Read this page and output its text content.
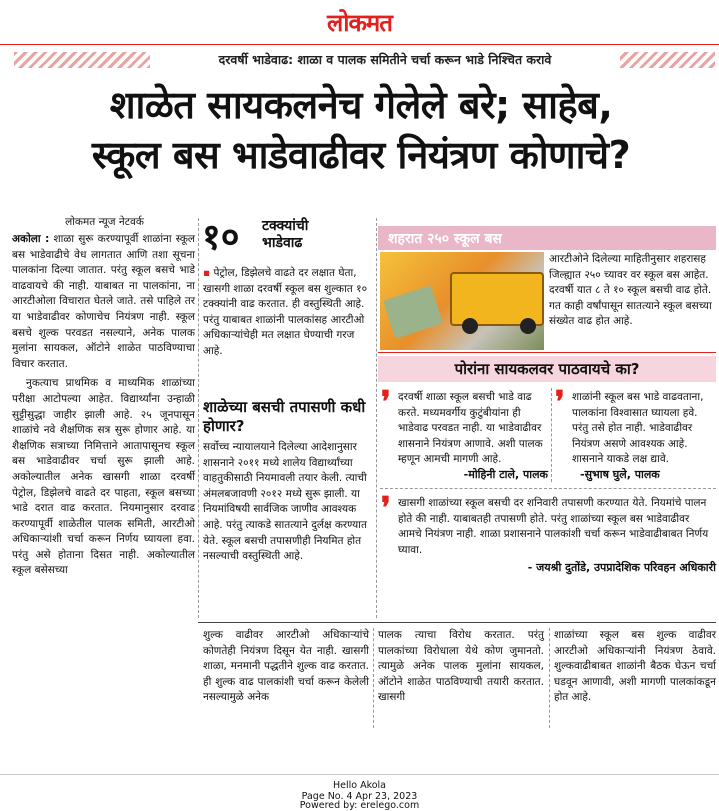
लोकमत
दरवर्षी भाडेवाढ: शाळा व पालक समितीने चर्चा करून भाडे निश्चित करावे
शाळेत सायकलनेच गेलेले बरे; साहेब,
स्कूल बस भाडेवाढीवर नियंत्रण कोणाचे?
लोकमत न्यूज नेटवर्क

अकोला : शाळा सुरू करण्यापूर्वी शाळांना स्कूल बस भाडेवाढीचे वेध लागतात आणि तशा सूचना पालकांना दिल्या जातात. परंतु स्कूल बसचे भाडे वाढवायचे की नाही. याबाबत ना पालकांना, ना आरटीओला विचारात घेतले जाते. तसे पाहिले तर या भाडेवाढीवर कोणाचेच नियंत्रण नाही. स्कूल बसचे शुल्क परवडत नसल्याने, अनेक पालक मुलांना सायकल, ऑटोने शाळेत पाठविण्याचा विचार करतात.

नुकत्याच प्राथमिक व माध्यमिक शाळांच्या परीक्षा आटोपल्या आहेत. विद्यार्थ्यांना उन्हाळी सुट्टीसुद्धा जाहीर झाली आहे. २५ जूनपासून शाळांचे नवे शैक्षणिक सत्र सुरू होणार आहे. या शैक्षणिक सत्राच्या निमित्ताने आतापासूनच स्कूल बस भाडेवाढीवर चर्चा सुरू झाली आहे. अकोल्यातील अनेक खासगी शाळा दरवर्षी पेट्रोल, डिझेलचे वाढते दर पाहता, स्कूल बसच्या भाडे दरात वाढ करतात. नियमानुसार दरवाढ करण्यापूर्वी शाळेतील पालक समिती, आरटीओ अधिकाऱ्यांशी चर्चा करून निर्णय घ्यायला हवा. परंतु असे होताना दिसत नाही. अकोल्यातील स्कूल बसेसच्या

१० टक्क्यांची भाडेवाढ
▪ पेट्रोल, डिझेलचे वाढते दर लक्षात घेता, खासगी शाळा दरवर्षी स्कूल बस शुल्कात १० टक्क्यांनी वाढ करतात. ही वस्तुस्थिती आहे. परंतु याबाबत शाळांनी पालकांसह आरटीओ अधिकाऱ्यांचेही मत लक्षात घेण्याची गरज आहे.
शाळेच्या बसची तपासणी कधी होणार?
सर्वोच्च न्यायालयाने दिलेल्या आदेशानुसार शासनाने २०११ मध्ये शालेय विद्यार्थ्यांच्या वाहतुकीसाठी नियमावली तयार केली. त्याची अंमलबजावणी २०१२ मध्ये सुरू झाली. या नियमांविषयी सार्वजिक जाणीव आवश्यक आहे. परंतु त्याकडे सातत्याने दुर्लक्ष करण्यात येते. स्कूल बसची तपासणीही नियमित होत नसल्याची वस्तुस्थिती आहे.
शहरात २५० स्कूल बस
आरटीओने दिलेल्या माहितीनुसार शहरासह जिल्ह्यात २५० च्यावर वर स्कूल बस आहेत. दरवर्षी यात ८ ते १० स्कूल बसची वाढ होते. गत काही वर्षांपासून सातत्याने स्कूल बसच्या संख्येत वाढ होत आहे.
पोरांना सायकलवर पाठवायचे का?
❜ दरवर्षी शाळा स्कूल बसची भाडे वाढ करते. मध्यमवर्गीय कुटुंबीयांना ही भाडेवाढ परवडत नाही. या भाडेवाढीवर शासनाने नियंत्रण आणावे. अशी पालक म्हणून आमची मागणी आहे.
-मोहिनी टाले, पालक
❜ शाळांनी स्कूल बस भाडे वाढवताना, पालकांना विश्वासात घ्यायला हवे. परंतु तसे होत नाही. भाडेवाढीवर नियंत्रण असणे आवश्यक आहे. शासनाने याकडे लक्ष द्यावे.
-सुभाष घुले, पालक
❜ खासगी शाळांच्या स्कूल बसची दर शनिवारी तपासणी करण्यात येते. नियमांचे पालन होते की नाही. याबाबतही तपासणी होते. परंतु शाळांच्या स्कूल बस भाडेवाढीवर आमचे नियंत्रण नाही. शाळा प्रशासनाने पालकांशी चर्चा करून भाडेवाढीबाबत निर्णय घ्यावा.
- जयश्री दुतोंडे, उपप्रादेशिक परिवहन अधिकारी
शुल्क वाढीवर आरटीओ अधिकाऱ्यांचे कोणतेही नियंत्रण दिसून येत नाही. खासगी शाळा, मनमानी पद्धतीने शुल्क वाढ करतात. ही शुल्क वाढ पालकांशी चर्चा करून केलेली नसल्यामुळे अनेक
पालक त्याचा विरोध करतात. परंतु पालकांच्या विरोधाला येथे कोण जुमानतो. त्यामुळे अनेक पालक मुलांना सायकल, ऑटोने शाळेत पाठविण्याची तयारी करतात. खासगी
शाळांच्या स्कूल बस शुल्क वाढीवर आरटीओ अधिकाऱ्यांनी नियंत्रण ठेवावे. शुल्कवाढीबाबत शाळांनी बैठक घेऊन चर्चा घडवून आणावी, अशी मागणी पालकांकडून होत आहे.
Hello Akola
Page No. 4 Apr 23, 2023
Powered by: erelego.com
